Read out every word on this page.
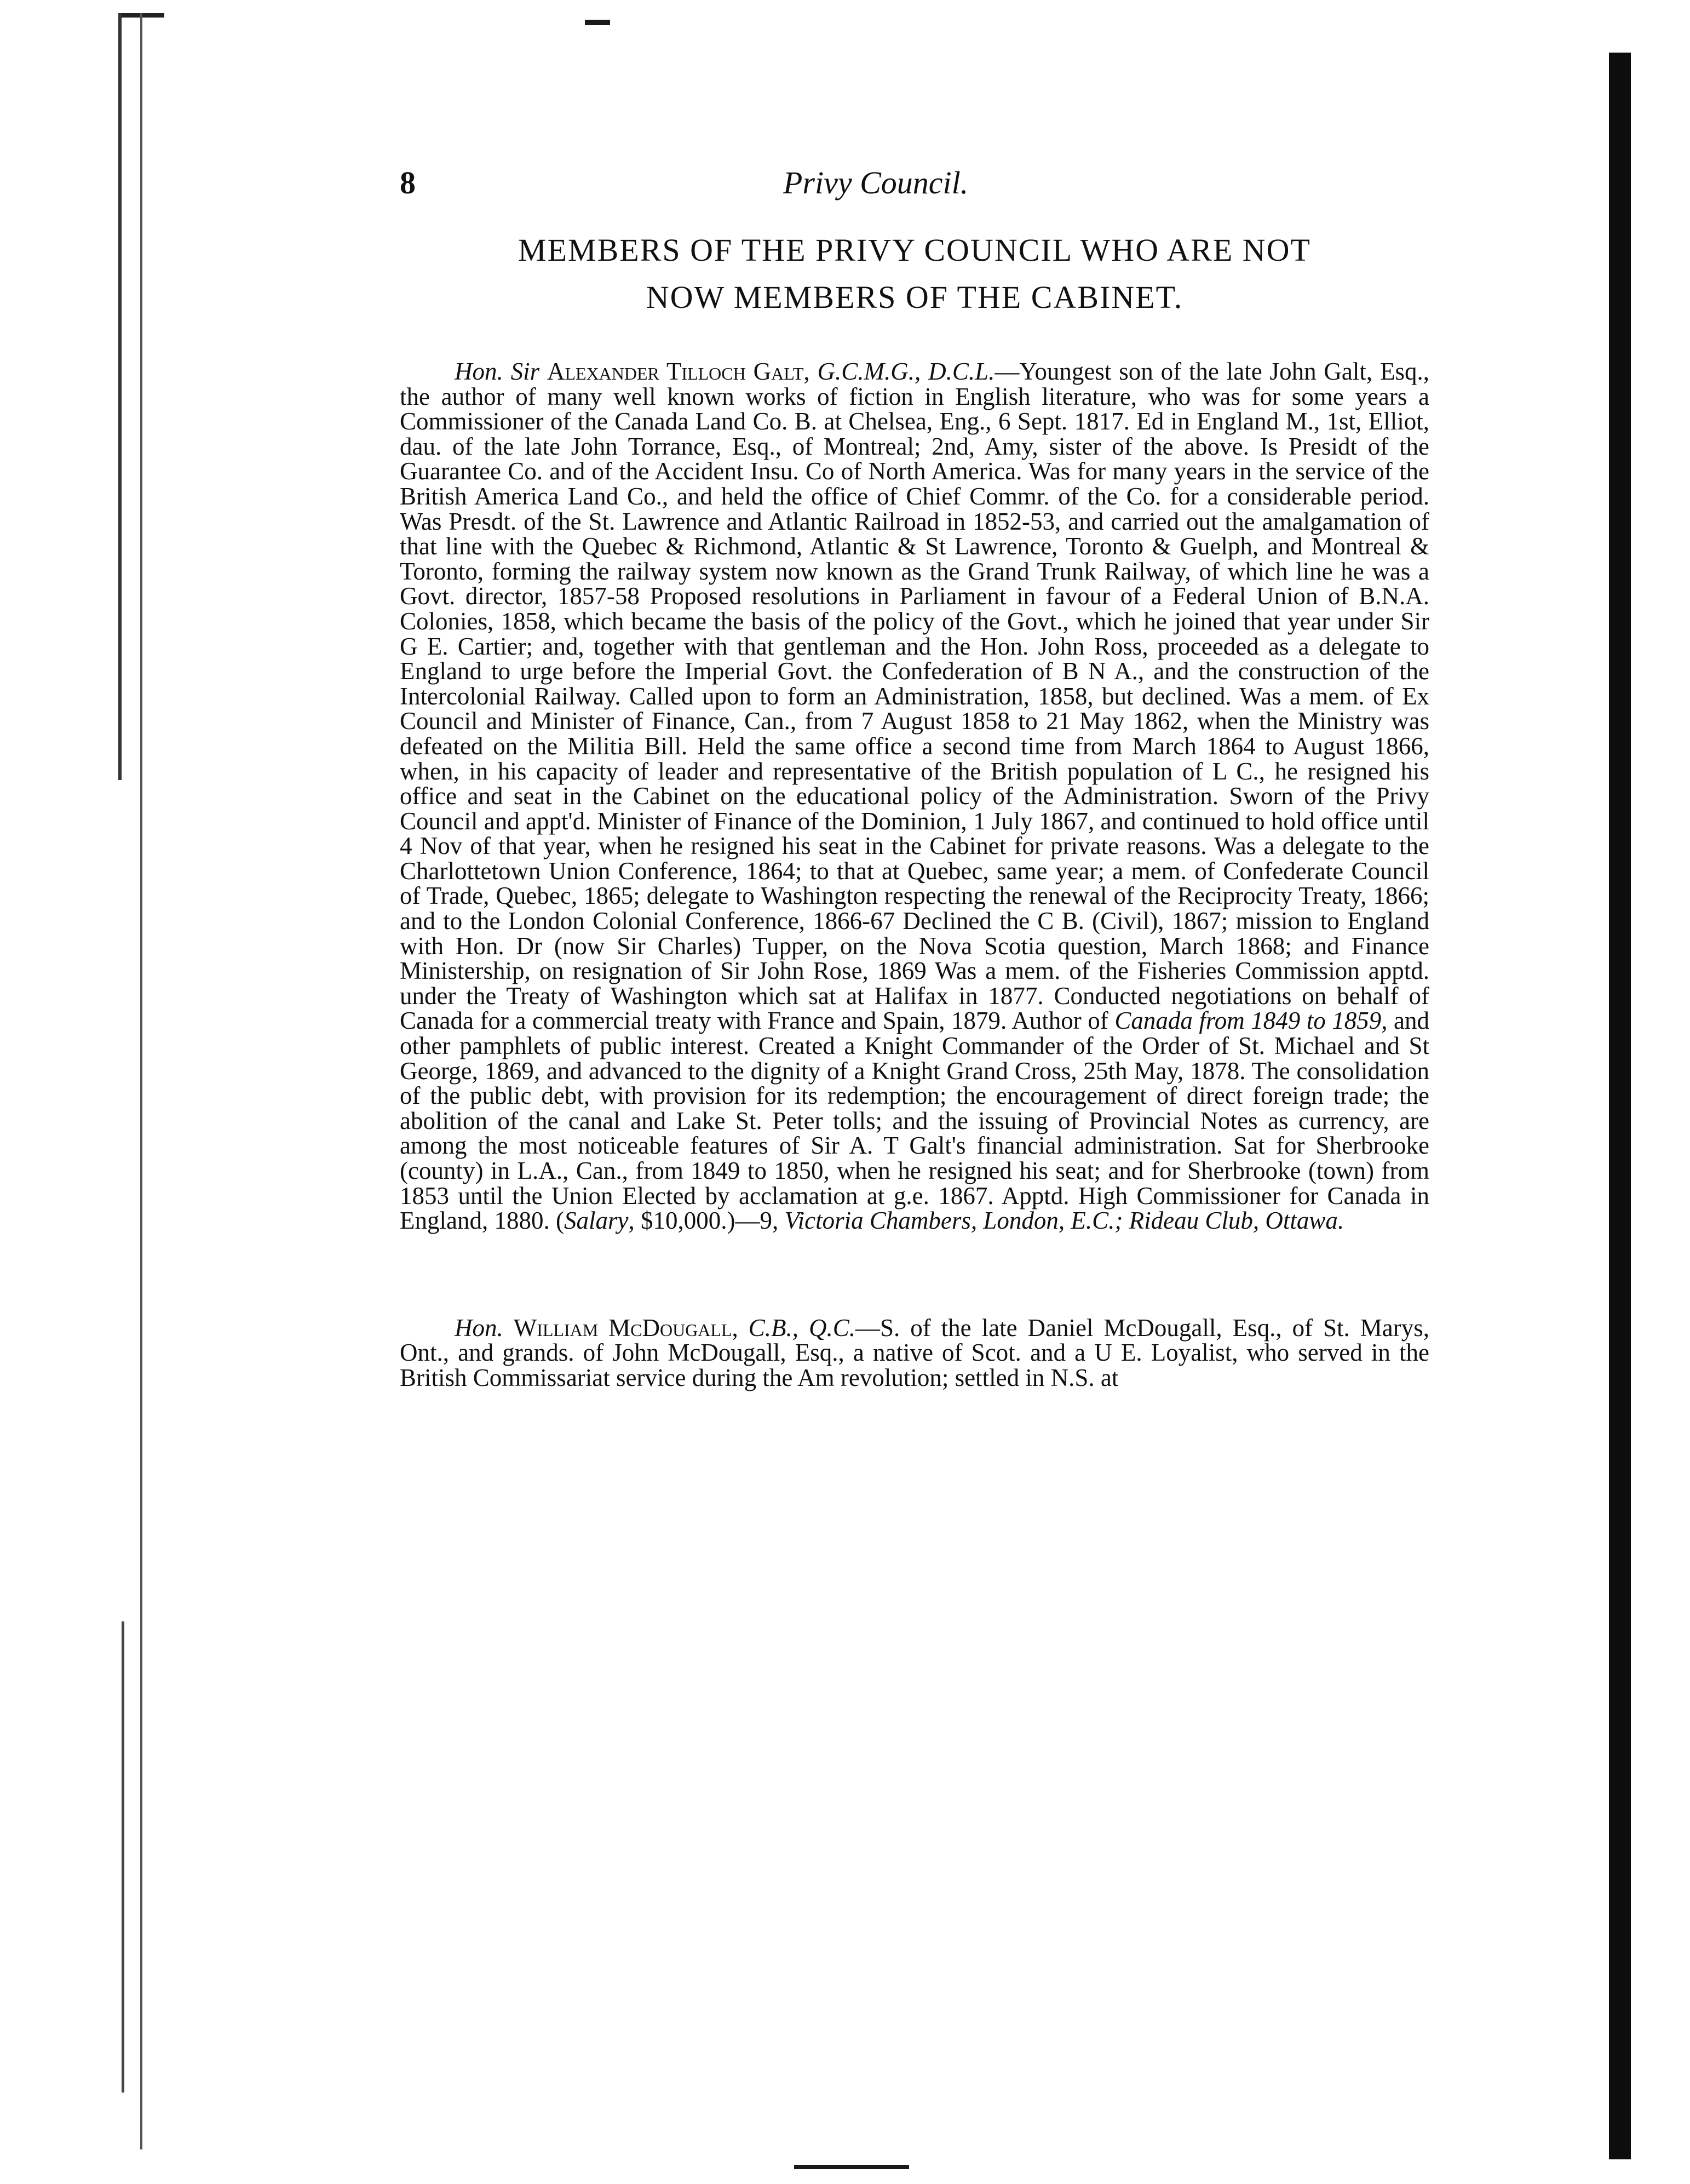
8	Privy Council.
MEMBERS OF THE PRIVY COUNCIL WHO ARE NOT
NOW MEMBERS OF THE CABINET.

Hon. Sir Alexander Tilloch Galt, G.C.M.G., D.C.L.—Youngest son of the late John Galt, Esq., the author of many well known works of fiction in English literature, who was for some years a Commissioner of the Canada Land Co. B. at Chelsea, Eng., 6 Sept. 1817. Ed in England M., 1st, Elliot, dau. of the late John Torrance, Esq., of Montreal; 2nd, Amy, sister of the above. Is Presidt of the Guarantee Co. and of the Accident Insu. Co of North America. Was for many years in the service of the British America Land Co., and held the office of Chief Commr. of the Co. for a considerable period. Was Presdt. of the St. Lawrence and Atlantic Railroad in 1852-53, and carried out the amalgamation of that line with the Quebec & Richmond, Atlantic & St Lawrence, Toronto & Guelph, and Montreal & Toronto, forming the railway system now known as the Grand Trunk Railway, of which line he was a Govt. director, 1857-58 Proposed resolutions in Parliament in favour of a Federal Union of B.N.A. Colonies, 1858, which became the basis of the policy of the Govt., which he joined that year under Sir G E. Cartier; and, together with that gentleman and the Hon. John Ross, proceeded as a delegate to England to urge before the Imperial Govt. the Confederation of B N A., and the construction of the Intercolonial Railway. Called upon to form an Administration, 1858, but declined. Was a mem. of Ex Council and Minister of Finance, Can., from 7 August 1858 to 21 May 1862, when the Ministry was defeated on the Militia Bill. Held the same office a second time from March 1864 to August 1866, when, in his capacity of leader and representative of the British population of L C., he resigned his office and seat in the Cabinet on the educational policy of the Administration. Sworn of the Privy Council and appt'd. Minister of Finance of the Dominion, 1 July 1867, and continued to hold office until 4 Nov of that year, when he resigned his seat in the Cabinet for private reasons. Was a delegate to the Charlottetown Union Conference, 1864; to that at Quebec, same year; a mem. of Confederate Council of Trade, Quebec, 1865; delegate to Washington respecting the renewal of the Reciprocity Treaty, 1866; and to the London Colonial Conference, 1866-67 Declined the C B. (Civil), 1867; mission to England with Hon. Dr (now Sir Charles) Tupper, on the Nova Scotia question, March 1868; and Finance Ministership, on resignation of Sir John Rose, 1869 Was a mem. of the Fisheries Commission apptd. under the Treaty of Washington which sat at Halifax in 1877. Conducted negotiations on behalf of Canada for a commercial treaty with France and Spain, 1879. Author of Canada from 1849 to 1859, and other pamphlets of public interest. Created a Knight Commander of the Order of St. Michael and St George, 1869, and advanced to the dignity of a Knight Grand Cross, 25th May, 1878. The consolidation of the public debt, with provision for its redemption; the encouragement of direct foreign trade; the abolition of the canal and Lake St. Peter tolls; and the issuing of Provincial Notes as currency, are among the most noticeable features of Sir A. T Galt's financial administration. Sat for Sherbrooke (county) in L.A., Can., from 1849 to 1850, when he resigned his seat; and for Sherbrooke (town) from 1853 until the Union Elected by acclamation at g.e. 1867. Apptd. High Commissioner for Canada in England, 1880. (Salary, $10,000.)—9, Victoria Chambers, London, E.C.; Rideau Club, Ottawa.

Hon. William McDougall, C.B., Q.C.—S. of the late Daniel McDougall, Esq., of St. Marys, Ont., and grands. of John McDougall, Esq., a native of Scot. and a U E. Loyalist, who served in the British Commissariat service during the Am revolution; settled in N.S. at
